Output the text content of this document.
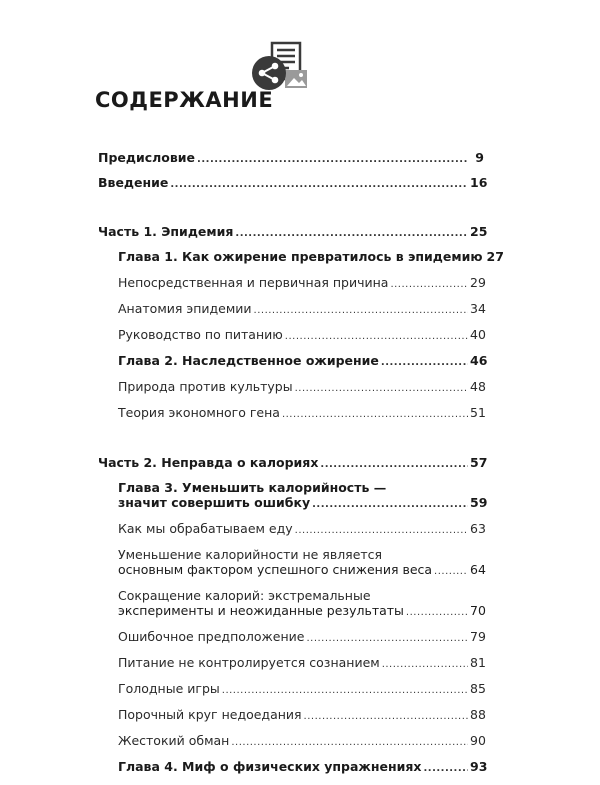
СОДЕРЖАНИЕ
Предисловие .....	9
Введение .....	16
Часть 1. Эпидемия .....	25
Глава 1. Как ожирение превратилось в эпидемию 27
Непосредственная и первичная причина .....	29
Анатомия эпидемии .....	34
Руководство по питанию .....	40
Глава 2. Наследственное ожирение .....	46
Природа против культуры .....	48
Теория экономного гена .....	51
Часть 2. Неправда о калориях .....	57
Глава 3. Уменьшить калорийность —
значит совершить ошибку .....	59
Как мы обрабатываем еду .....	63
Уменьшение калорийности не является
основным фактором успешного снижения веса .....	64
Сокращение калорий: экстремальные
эксперименты и неожиданные результаты .....	70
Ошибочное предположение .....	79
Питание не контролируется сознанием .....	81
Голодные игры .....	85
Порочный круг недоедания .....	88
Жестокий обман .....	90
Глава 4. Миф о физических упражнениях .....	93
